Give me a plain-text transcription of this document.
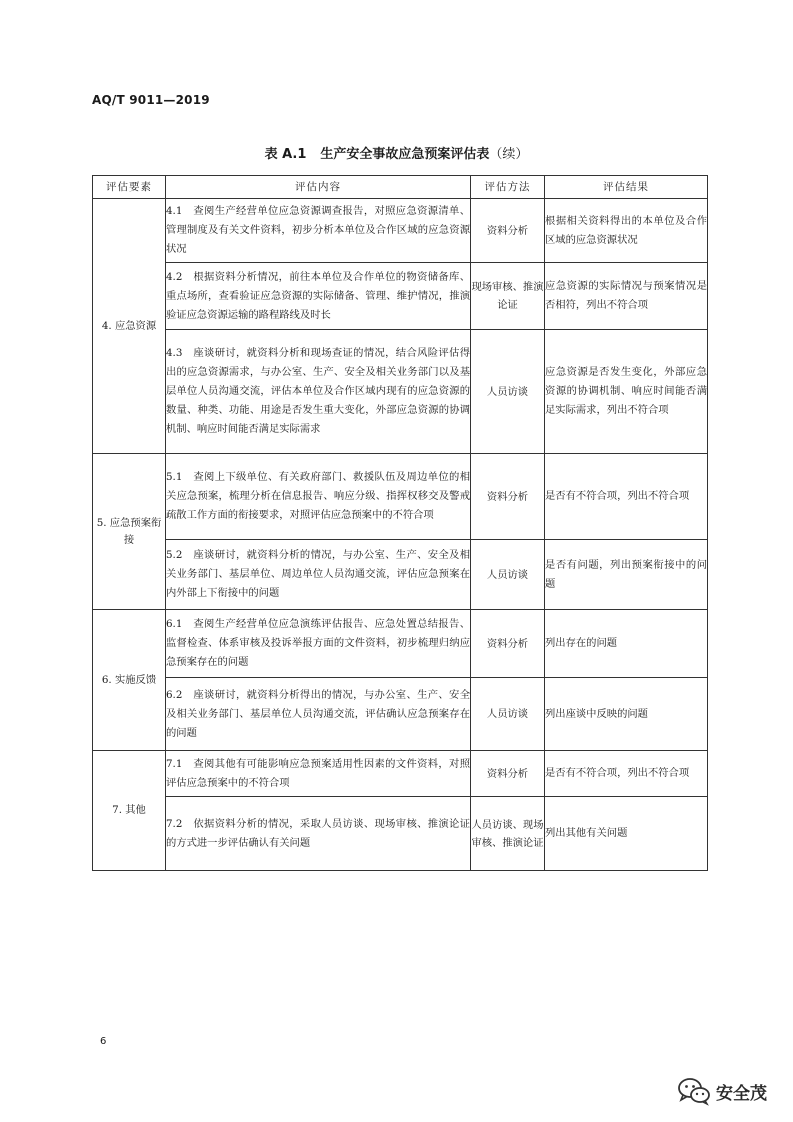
AQ/T 9011—2019
表 A.1 生产安全事故应急预案评估表（续）
评估要素	评估内容	评估方法	评估结果
4. 应急资源	4.1　查阅生产经营单位应急资源调查报告，对照应急资源清单、管理制度及有关文件资料，初步分析本单位及合作区域的应急资源状况	资料分析	根据相关资料得出的本单位及合作区域的应急资源状况
	4.2　根据资料分析情况，前往本单位及合作单位的物资储备库、重点场所，查看验证应急资源的实际储备、管理、维护情况，推演验证应急资源运输的路程路线及时长	现场审核、推演论证	应急资源的实际情况与预案情况是否相符，列出不符合项
	4.3　座谈研讨，就资料分析和现场查证的情况，结合风险评估得出的应急资源需求，与办公室、生产、安全及相关业务部门以及基层单位人员沟通交流，评估本单位及合作区域内现有的应急资源的数量、种类、功能、用途是否发生重大变化，外部应急资源的协调机制、响应时间能否满足实际需求	人员访谈	应急资源是否发生变化，外部应急资源的协调机制、响应时间能否满足实际需求，列出不符合项
5. 应急预案衔接	5.1　查阅上下级单位、有关政府部门、救援队伍及周边单位的相关应急预案，梳理分析在信息报告、响应分级、指挥权移交及警戒疏散工作方面的衔接要求，对照评估应急预案中的不符合项	资料分析	是否有不符合项，列出不符合项
	5.2　座谈研讨，就资料分析的情况，与办公室、生产、安全及相关业务部门、基层单位、周边单位人员沟通交流，评估应急预案在内外部上下衔接中的问题	人员访谈	是否有问题，列出预案衔接中的问题
6. 实施反馈	6.1　查阅生产经营单位应急演练评估报告、应急处置总结报告、监督检查、体系审核及投诉举报方面的文件资料，初步梳理归纳应急预案存在的问题	资料分析	列出存在的问题
	6.2　座谈研讨，就资料分析得出的情况，与办公室、生产、安全及相关业务部门、基层单位人员沟通交流，评估确认应急预案存在的问题	人员访谈	列出座谈中反映的问题
7. 其他	7.1　查阅其他有可能影响应急预案适用性因素的文件资料，对照评估应急预案中的不符合项	资料分析	是否有不符合项，列出不符合项
	7.2　依据资料分析的情况，采取人员访谈、现场审核、推演论证的方式进一步评估确认有关问题	人员访谈、现场审核、推演论证	列出其他有关问题
6
安全茂
